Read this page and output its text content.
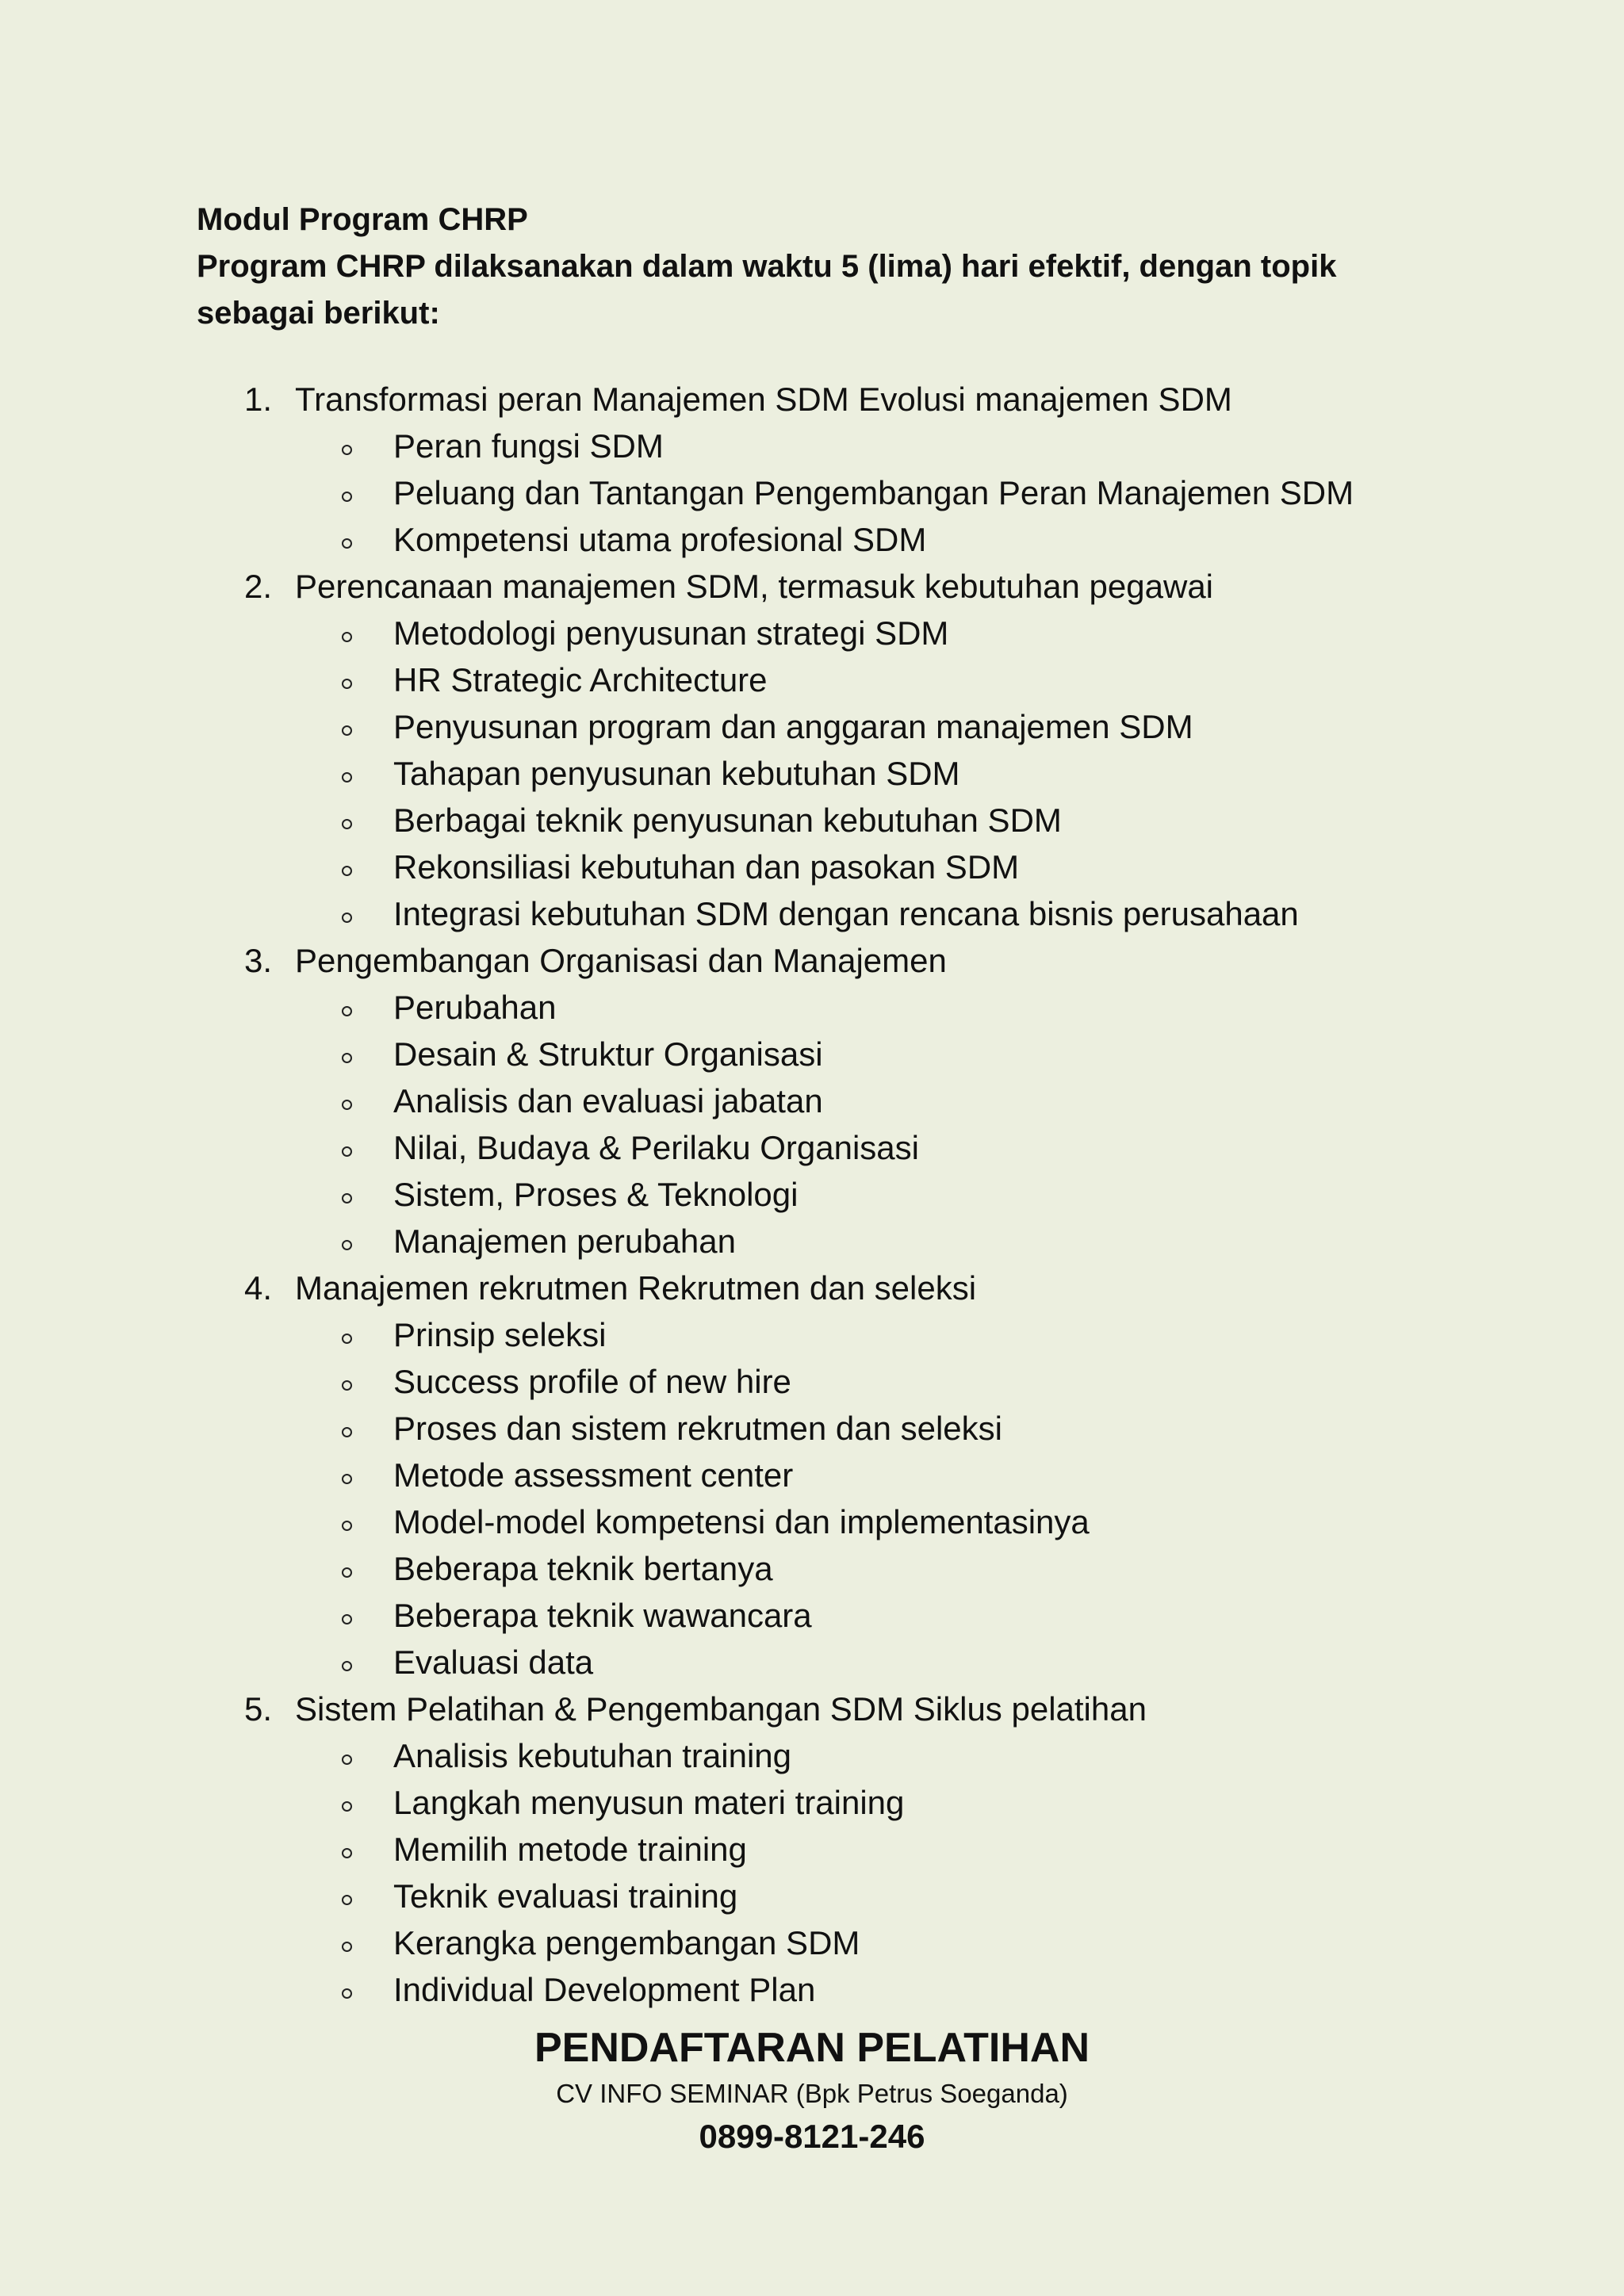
Modul Program CHRP

Program CHRP dilaksanakan dalam waktu 5 (lima) hari efektif, dengan topik

sebagai berikut:

1. Transformasi peran Manajemen SDM Evolusi manajemen SDM
Peran fungsi SDM
Peluang dan Tantangan Pengembangan Peran Manajemen SDM
Kompetensi utama profesional SDM
2. Perencanaan manajemen SDM, termasuk kebutuhan pegawai
Metodologi penyusunan strategi SDM
HR Strategic Architecture
Penyusunan program dan anggaran manajemen SDM
Tahapan penyusunan kebutuhan SDM
Berbagai teknik penyusunan kebutuhan SDM
Rekonsiliasi kebutuhan dan pasokan SDM
Integrasi kebutuhan SDM dengan rencana bisnis perusahaan
3. Pengembangan Organisasi dan Manajemen
Perubahan
Desain & Struktur Organisasi
Analisis dan evaluasi jabatan
Nilai, Budaya & Perilaku Organisasi
Sistem, Proses & Teknologi
Manajemen perubahan
4. Manajemen rekrutmen Rekrutmen dan seleksi
Prinsip seleksi
Success profile of new hire
Proses dan sistem rekrutmen dan seleksi
Metode assessment center
Model-model kompetensi dan implementasinya
Beberapa teknik bertanya
Beberapa teknik wawancara
Evaluasi data
5. Sistem Pelatihan & Pengembangan SDM Siklus pelatihan
Analisis kebutuhan training
Langkah menyusun materi training
Memilih metode training
Teknik evaluasi training
Kerangka pengembangan SDM
Individual Development Plan

PENDAFTARAN PELATIHAN

CV INFO SEMINAR (Bpk Petrus Soeganda)

0899-8121-246
